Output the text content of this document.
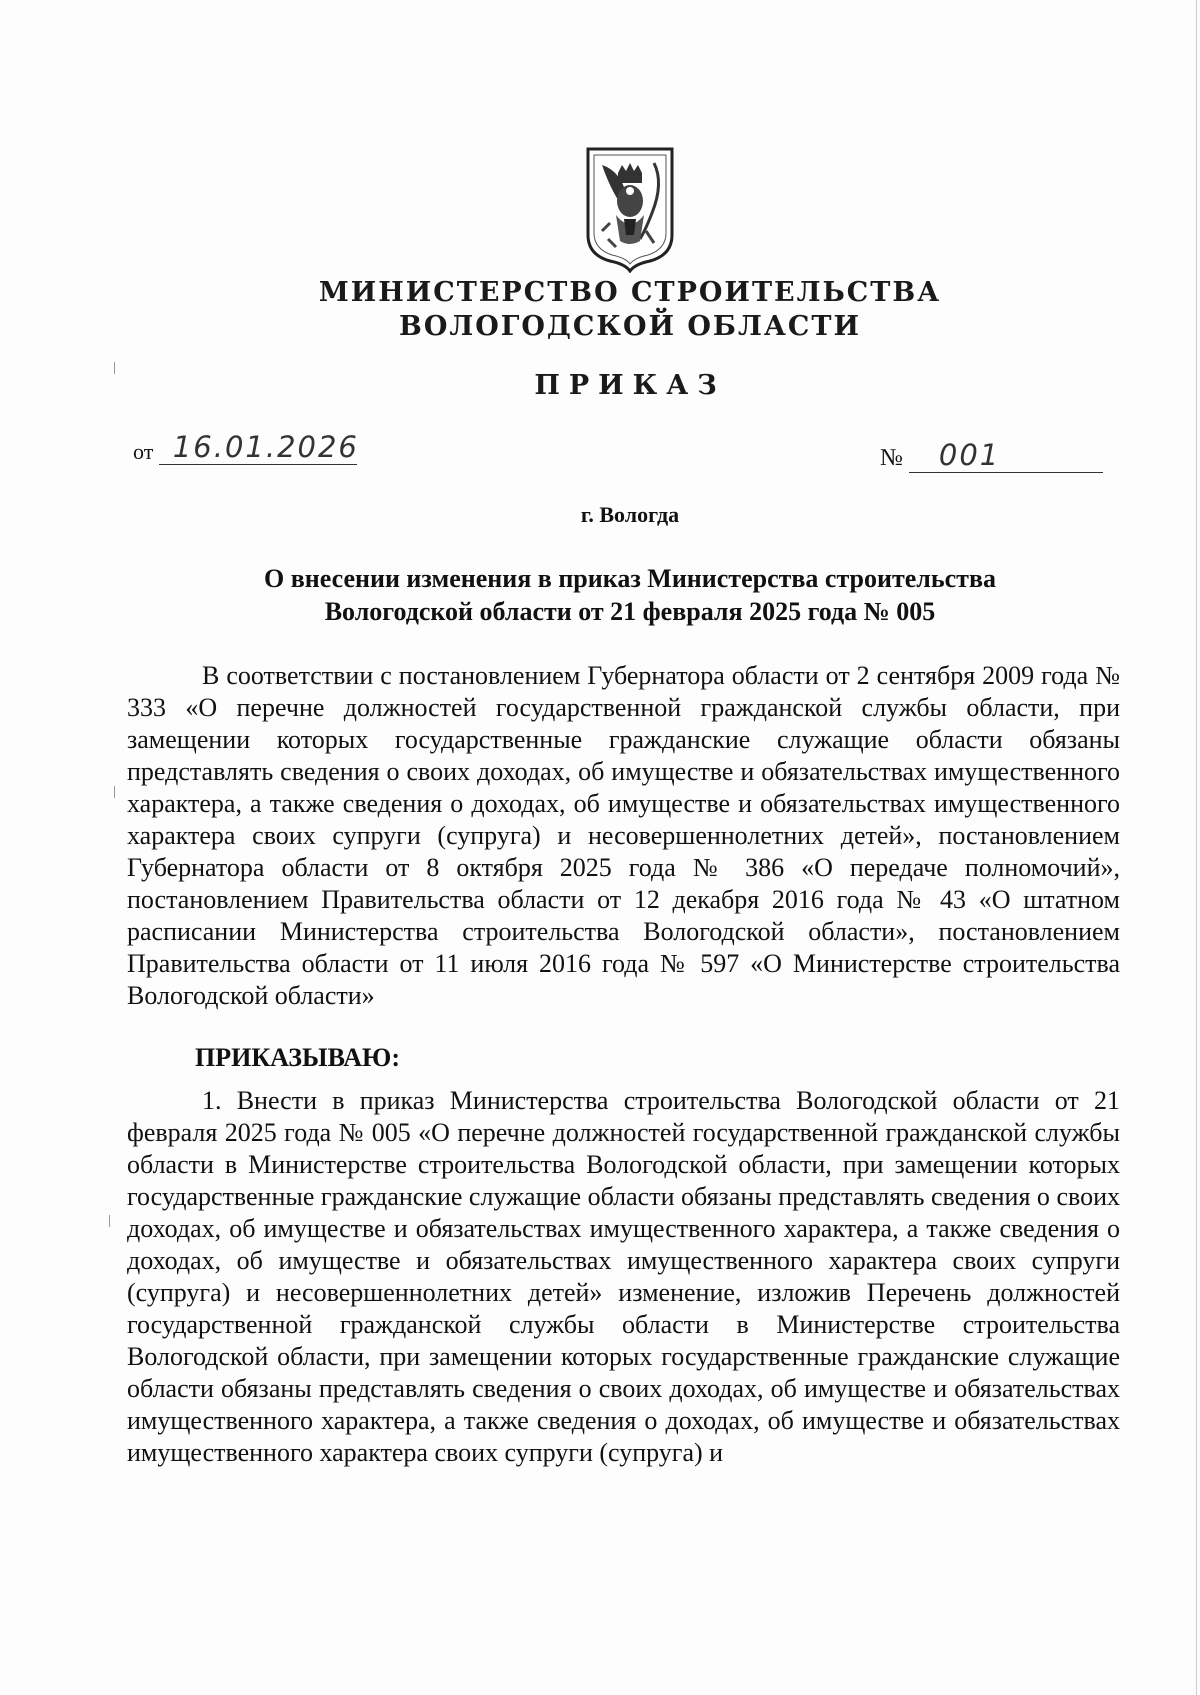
МИНИСТЕРСТВО СТРОИТЕЛЬСТВА
ВОЛОГОДСКОЙ ОБЛАСТИ
ПРИКАЗ
от 16.01.2026	№ 001
г. Вологда
О внесении изменения в приказ Министерства строительства
Вологодской области от 21 февраля 2025 года № 005

В соответствии с постановлением Губернатора области от 2 сентября 2009 года № 333 «О перечне должностей государственной гражданской службы области, при замещении которых государственные гражданские служащие области обязаны представлять сведения о своих доходах, об имуществе и обязательствах имущественного характера, а также сведения о доходах, об имуществе и обязательствах имущественного характера своих супруги (супруга) и несовершеннолетних детей», постановлением Губернатора области от 8 октября 2025 года № 386 «О передаче полномочий», постановлением Правительства области от 12 декабря 2016 года № 43 «О штатном расписании Министерства строительства Вологодской области», постановлением Правительства области от 11 июля 2016 года № 597 «О Министерстве строительства Вологодской области»

ПРИКАЗЫВАЮ:

1. Внести в приказ Министерства строительства Вологодской области от 21 февраля 2025 года № 005 «О перечне должностей государственной гражданской службы области в Министерстве строительства Вологодской области, при замещении которых государственные гражданские служащие области обязаны представлять сведения о своих доходах, об имуществе и обязательствах имущественного характера, а также сведения о доходах, об имуществе и обязательствах имущественного характера своих супруги (супруга) и несовершеннолетних детей» изменение, изложив Перечень должностей государственной гражданской службы области в Министерстве строительства Вологодской области, при замещении которых государственные гражданские служащие области обязаны представлять сведения о своих доходах, об имуществе и обязательствах имущественного характера, а также сведения о доходах, об имуществе и обязательствах имущественного характера своих супруги (супруга) и
